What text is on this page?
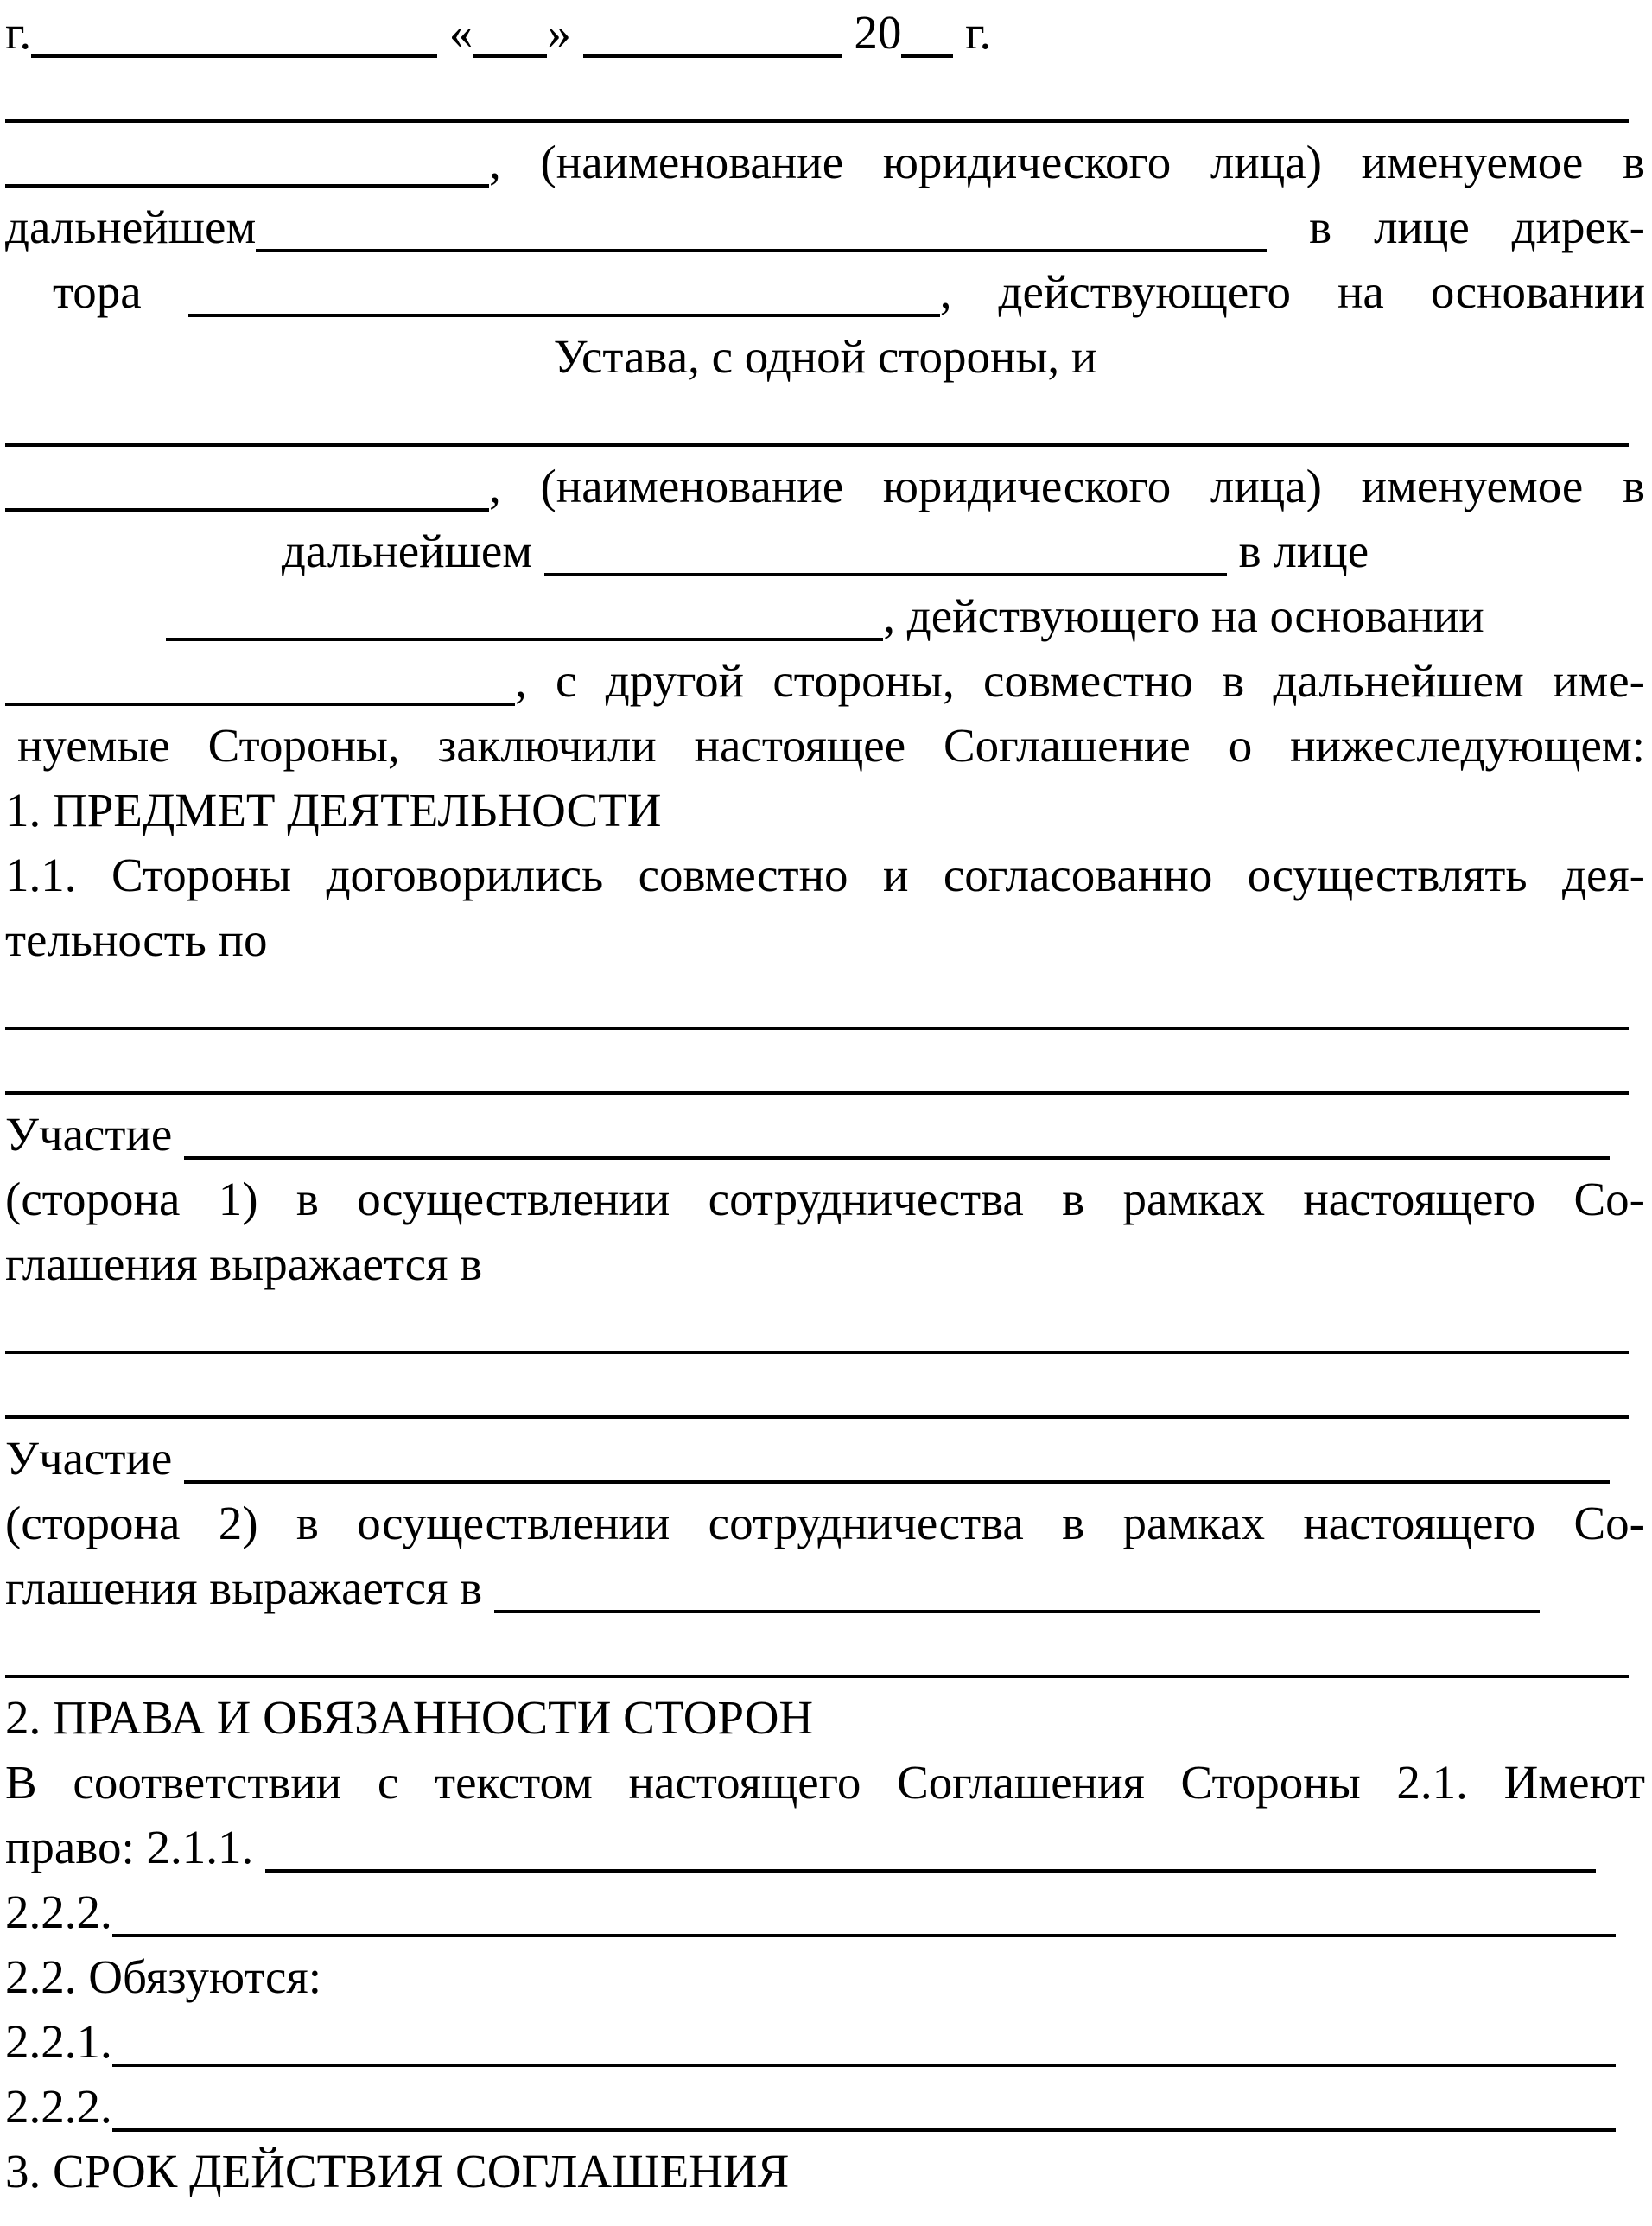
г.	« »	20 г.
, (наименование юридического лица) именуемое в
дальнейшем	в лице дирек-
тора	, действующего на основании
Устава, с одной стороны, и
, (наименование юридического лица) именуемое в
дальнейшем	в лице
, действующего на основании
, с другой стороны, совместно в дальнейшем име-
нуемые Стороны, заключили настоящее Соглашение о нижеследующем:
1. ПРЕДМЕТ ДЕЯТЕЛЬНОСТИ
1.1. Стороны договорились совместно и согласованно осуществлять дея-
тельность по
Участие
(сторона 1) в осуществлении сотрудничества в рамках настоящего Со-
глашения выражается в
Участие
(сторона 2) в осуществлении сотрудничества в рамках настоящего Со-
глашения выражается в
2. ПРАВА И ОБЯЗАННОСТИ СТОРОН
В соответствии с текстом настоящего Соглашения Стороны 2.1. Имеют
право: 2.1.1.
2.2.2.
2.2. Обязуются:
2.2.1.
2.2.2.
3. СРОК ДЕЙСТВИЯ СОГЛАШЕНИЯ
